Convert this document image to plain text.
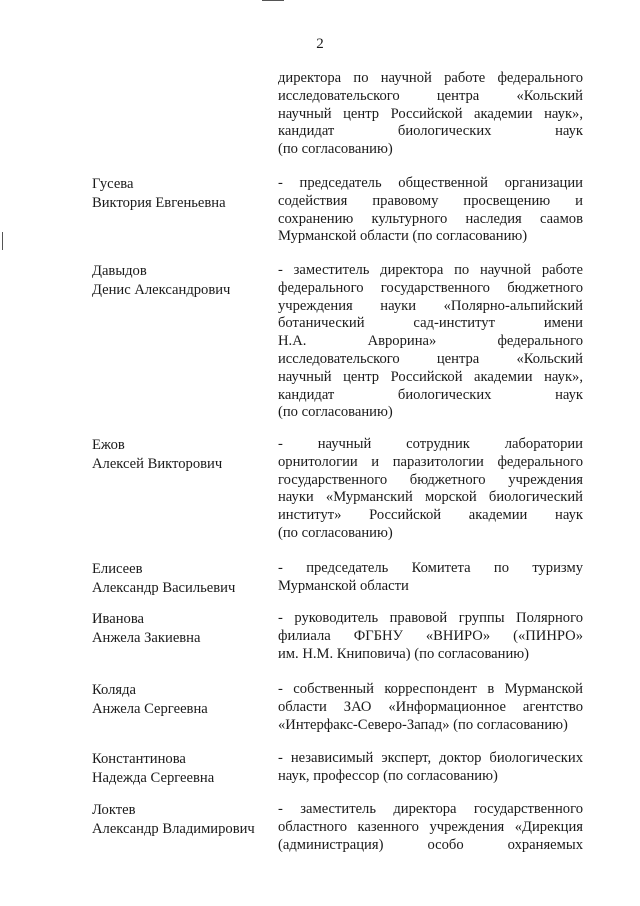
2
директора по научной работе федерального
исследовательского центра «Кольский
научный центр Российской академии наук»,
кандидат биологических наук
(по согласованию)
Гусева
Виктория Евгеньевна
- председатель общественной организации
содействия правовому просвещению и
сохранению культурного наследия саамов
Мурманской области (по согласованию)
Давыдов
Денис Александрович
- заместитель директора по научной работе
федерального государственного бюджетного
учреждения науки «Полярно-альпийский
ботанический сад-институт имени
Н.А. Аврорина» федерального
исследовательского центра «Кольский
научный центр Российской академии наук»,
кандидат биологических наук
(по согласованию)
Ежов
Алексей Викторович
- научный сотрудник лаборатории
орнитологии и паразитологии федерального
государственного бюджетного учреждения
науки «Мурманский морской биологический
институт» Российской академии наук
(по согласованию)
Елисеев
Александр Васильевич
- председатель Комитета по туризму
Мурманской области
Иванова
Анжела Закиевна
- руководитель правовой группы Полярного
филиала ФГБНУ «ВНИРО» («ПИНРО»
им. Н.М. Книповича) (по согласованию)
Коляда
Анжела Сергеевна
- собственный корреспондент в Мурманской
области ЗАО «Информационное агентство
«Интерфакс-Северо-Запад» (по согласованию)
Константинова
Надежда Сергеевна
- независимый эксперт, доктор биологических
наук, профессор (по согласованию)
Локтев
Александр Владимирович
- заместитель директора государственного
областного казенного учреждения «Дирекция
(администрация) особо охраняемых
